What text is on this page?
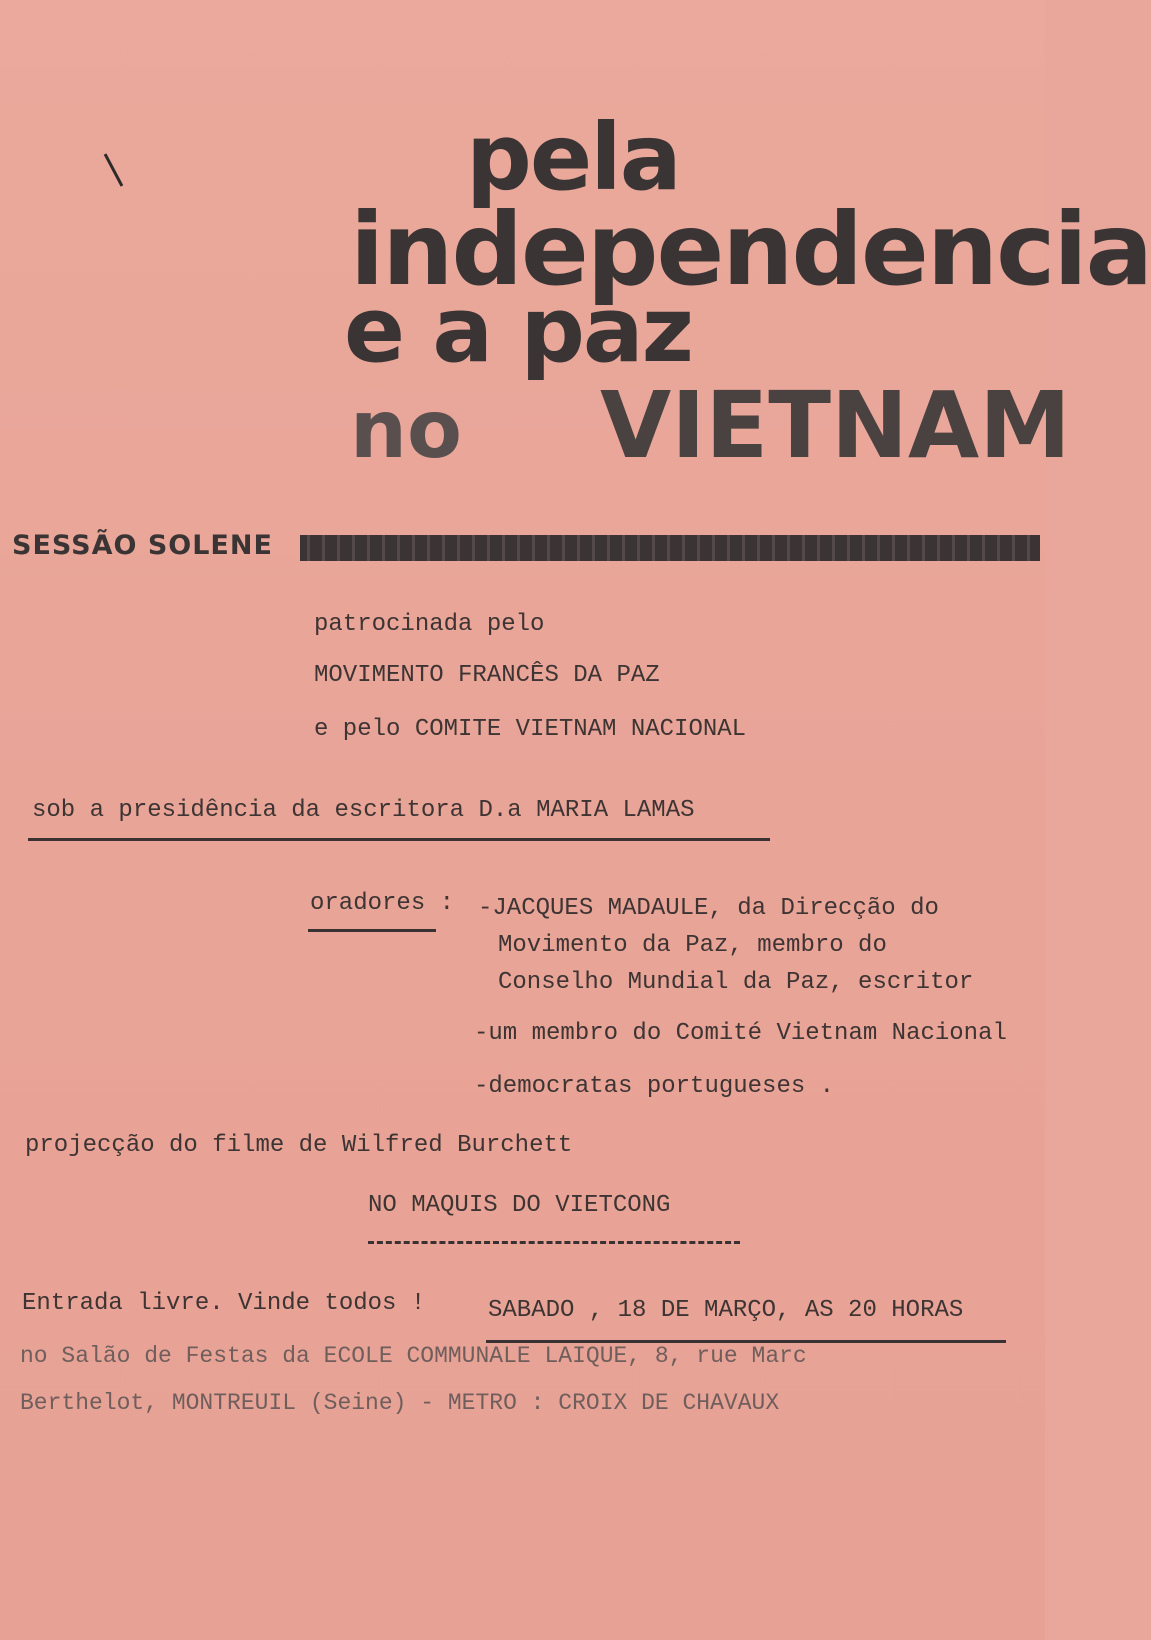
pela
independencia
e a paz
no VIETNAM
SESSÃO SOLENE
patrocinada pelo
MOVIMENTO FRANCÊS DA PAZ
e pelo COMITE VIETNAM NACIONAL
sob a presidência da escritora D.a MARIA LAMAS
oradores : -JACQUES MADAULE, da Direcção do
Movimento da Paz, membro do
Conselho Mundial da Paz, escritor
-um membro do Comité Vietnam Nacional
-democratas portugueses .
projecção do filme de Wilfred Burchett
NO MAQUIS DO VIETCONG
Entrada livre. Vinde todos !	SABADO , 18 DE MARÇO, AS 20 HORAS
no Salão de Festas da ECOLE COMMUNALE LAIQUE, 8, rue Marc
Berthelot, MONTREUIL (Seine) - METRO : CROIX DE CHAVAUX
